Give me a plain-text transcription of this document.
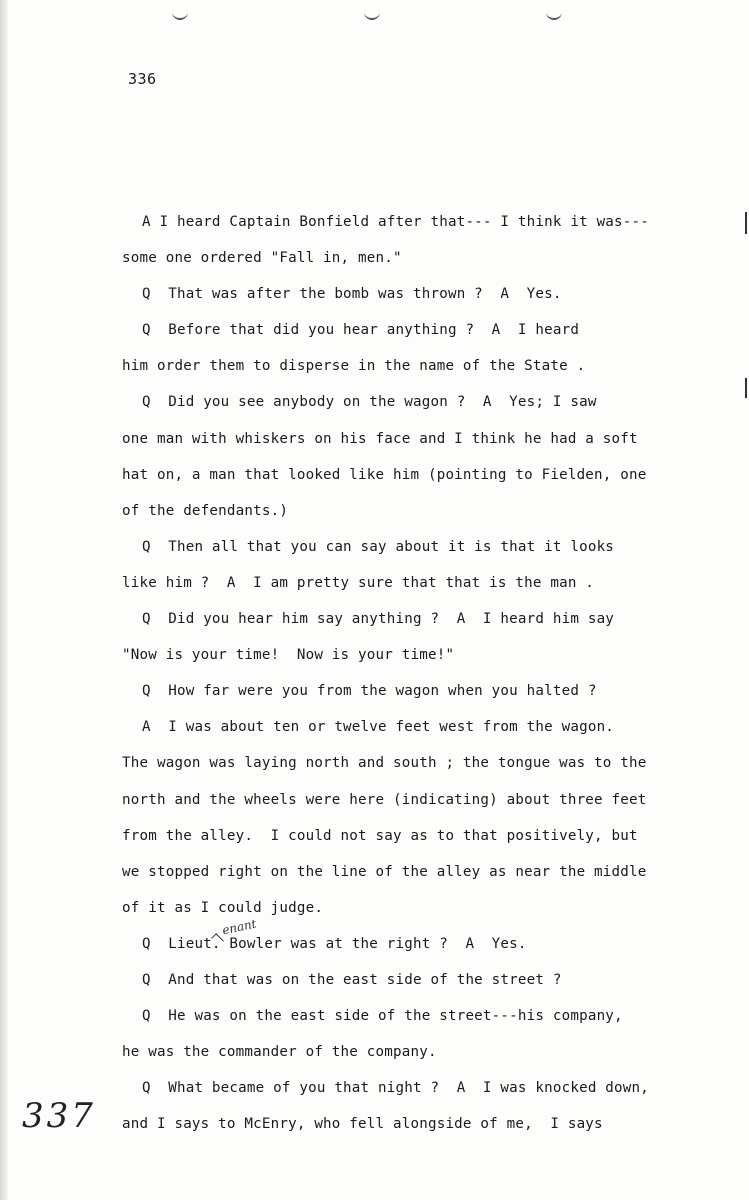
336
A I heard Captain Bonfield after that--- I think it was---
some one ordered "Fall in, men."
Q  That was after the bomb was thrown ?  A  Yes.
Q  Before that did you hear anything ?  A  I heard
him order them to disperse in the name of the State .
Q  Did you see anybody on the wagon ?  A  Yes; I saw
one man with whiskers on his face and I think he had a soft
hat on, a man that looked like him (pointing to Fielden, one
of the defendants.)
Q  Then all that you can say about it is that it looks
like him ?  A  I am pretty sure that that is the man .
Q  Did you hear him say anything ?  A  I heard him say
"Now is your time!  Now is your time!"
Q  How far were you from the wagon when you halted ?
A  I was about ten or twelve feet west from the wagon.
The wagon was laying north and south ; the tongue was to the
north and the wheels were here (indicating) about three feet
from the alley.  I could not say as to that positively, but
we stopped right on the line of the alley as near the middle
of it as I could judge.
Q  Lieut. Bowler was at the right ?  A  Yes.
Q  And that was on the east side of the street ?
Q  He was on the east side of the street---his company,
he was the commander of the company.
Q  What became of you that night ?  A  I was knocked down,
and I says to McEnry, who fell alongside of me,  I says
enant
337
